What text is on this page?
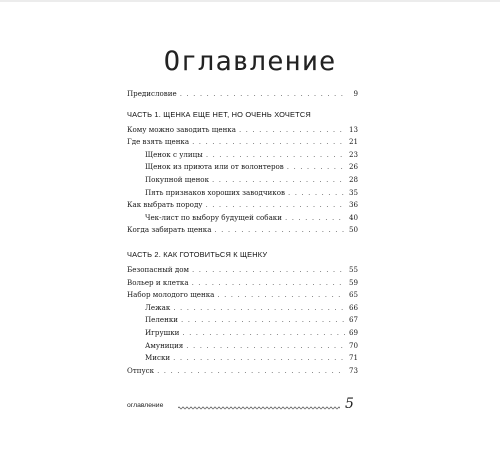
Оглавление
Предисловие . . .	9
ЧАСТЬ 1. ЩЕНКА ЕЩЕ НЕТ, НО ОЧЕНЬ ХОЧЕТСЯ
Кому можно заводить щенка . . .	13
Где взять щенка . . .	21
Щенок с улицы . . .	23
Щенок из приюта или от волонтеров . . .	26
Покупной щенок . . .	28
Пять признаков хороших заводчиков . . .	35
Как выбрать породу . . .	36
Чек-лист по выбору будущей собаки . . .	40
Когда забирать щенка . . .	50
ЧАСТЬ 2. КАК ГОТОВИТЬСЯ К ЩЕНКУ
Безопасный дом . . .	55
Вольер и клетка . . .	59
Набор молодого щенка . . .	65
Лежак . . .	66
Пеленки . . .	67
Игрушки . . .	69
Амуниция . . .	70
Миски . . .	71
Отпуск . . .	73
оглавление	5
